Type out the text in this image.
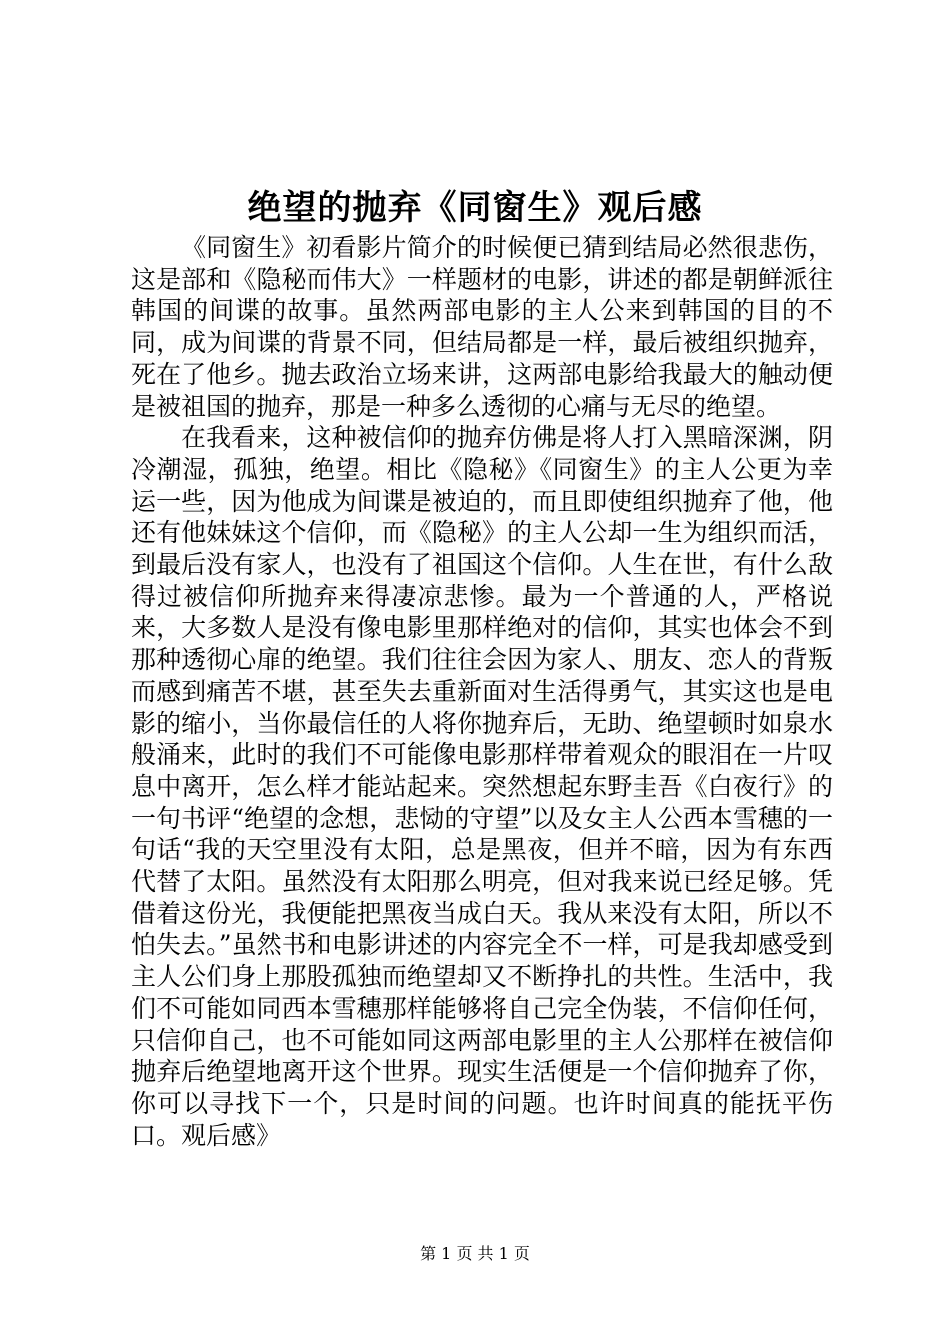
绝望的抛弃《同窗生》观后感

《同窗生》初看影片简介的时候便已猜到结局必然很悲伤，这是部和《隐秘而伟大》一样题材的电影，讲述的都是朝鲜派往韩国的间谍的故事。虽然两部电影的主人公来到韩国的目的不同，成为间谍的背景不同，但结局都是一样，最后被组织抛弃，死在了他乡。抛去政治立场来讲，这两部电影给我最大的触动便是被祖国的抛弃，那是一种多么透彻的心痛与无尽的绝望。

在我看来，这种被信仰的抛弃仿佛是将人打入黑暗深渊，阴冷潮湿，孤独，绝望。相比《隐秘》《同窗生》的主人公更为幸运一些，因为他成为间谍是被迫的，而且即使组织抛弃了他，他还有他妹妹这个信仰，而《隐秘》的主人公却一生为组织而活，到最后没有家人，也没有了祖国这个信仰。人生在世，有什么敌得过被信仰所抛弃来得凄凉悲惨。最为一个普通的人，严格说来，大多数人是没有像电影里那样绝对的信仰，其实也体会不到那种透彻心扉的绝望。我们往往会因为家人、朋友、恋人的背叛而感到痛苦不堪，甚至失去重新面对生活得勇气，其实这也是电影的缩小，当你最信任的人将你抛弃后，无助、绝望顿时如泉水般涌来，此时的我们不可能像电影那样带着观众的眼泪在一片叹息中离开，怎么样才能站起来。突然想起东野圭吾《白夜行》的一句书评“绝望的念想，悲恸的守望”以及女主人公西本雪穗的一句话“我的天空里没有太阳，总是黑夜，但并不暗，因为有东西代替了太阳。虽然没有太阳那么明亮，但对我来说已经足够。凭借着这份光，我便能把黑夜当成白天。我从来没有太阳，所以不怕失去。”虽然书和电影讲述的内容完全不一样，可是我却感受到主人公们身上那股孤独而绝望却又不断挣扎的共性。生活中，我们不可能如同西本雪穗那样能够将自己完全伪装，不信仰任何，只信仰自己，也不可能如同这两部电影里的主人公那样在被信仰抛弃后绝望地离开这个世界。现实生活便是一个信仰抛弃了你，你可以寻找下一个，只是时间的问题。也许时间真的能抚平伤口。观后感》

第 1 页 共 1 页
